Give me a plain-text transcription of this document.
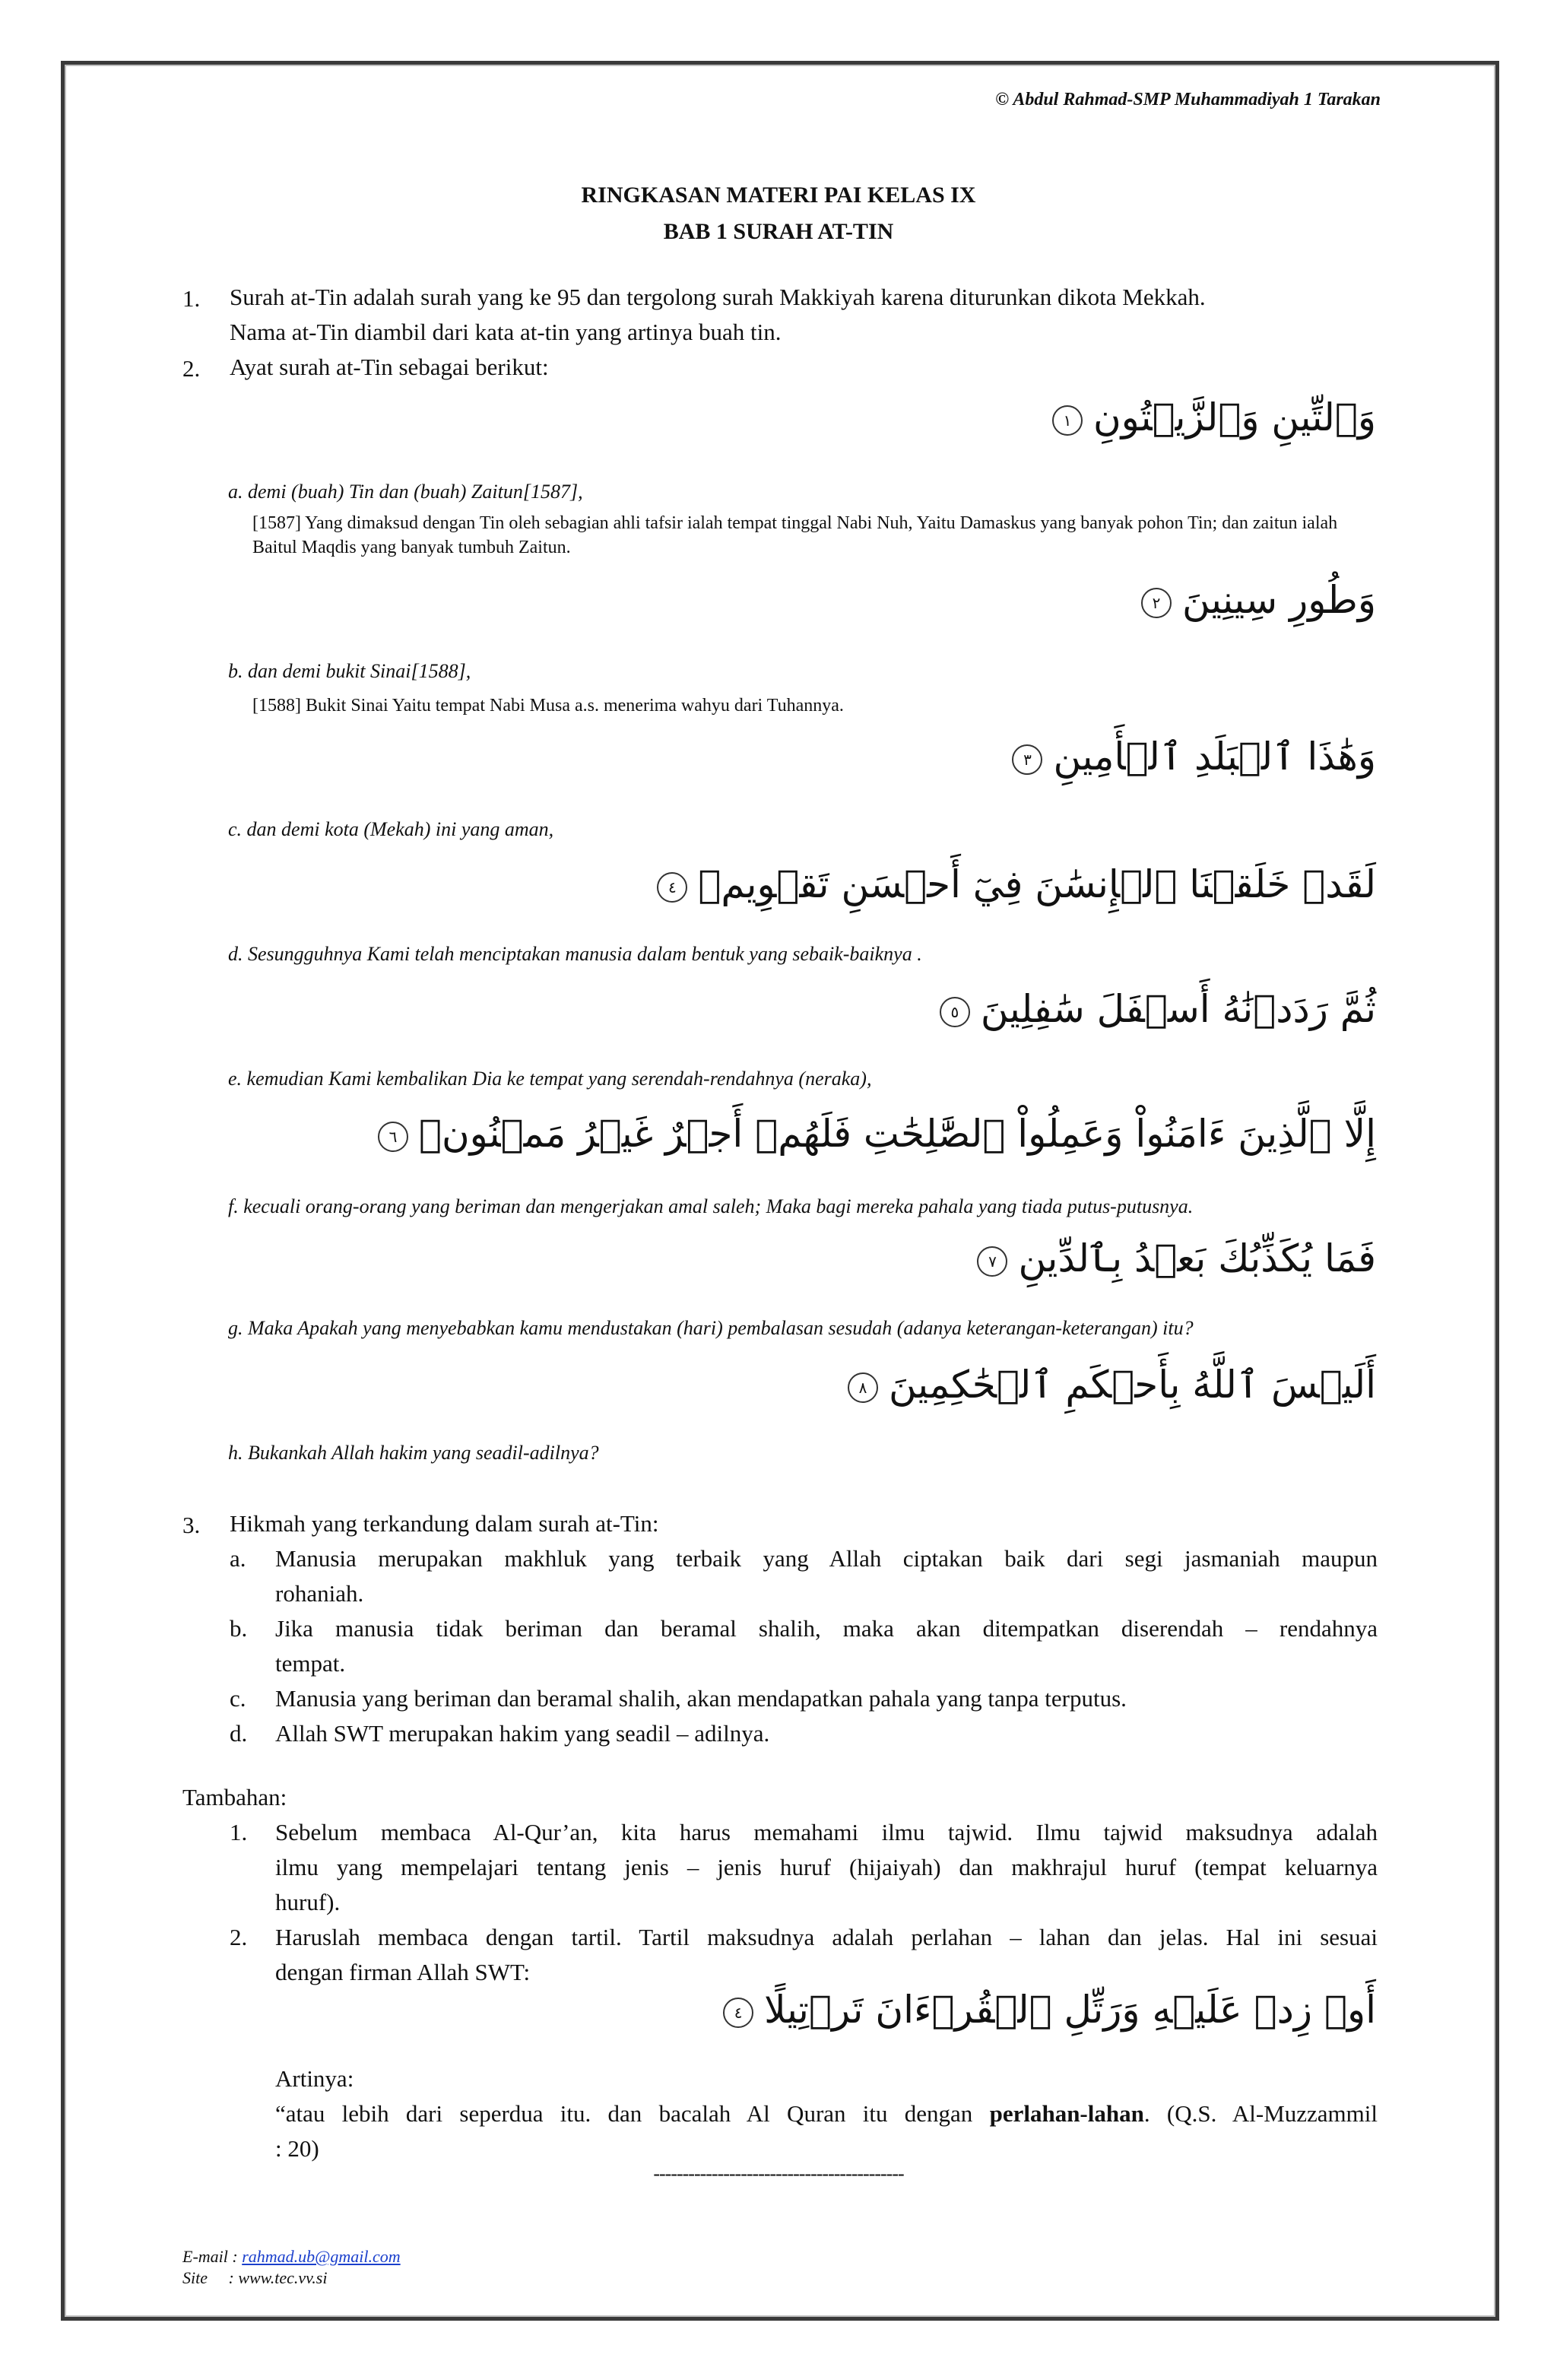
© Abdul Rahmad-SMP Muhammadiyah 1 Tarakan
RINGKASAN MATERI PAI KELAS IX
BAB 1 SURAH AT-TIN
1. Surah at-Tin adalah surah yang ke 95 dan tergolong surah Makkiyah karena diturunkan dikota Mekkah.
Nama at-Tin diambil dari kata at-tin yang artinya buah tin.
2. Ayat surah at-Tin sebagai berikut:
وَٱلتِّينِ وَٱلزَّيۡتُونِ١
a. demi (buah) Tin dan (buah) Zaitun[1587],
[1587] Yang dimaksud dengan Tin oleh sebagian ahli tafsir ialah tempat tinggal Nabi Nuh, Yaitu Damaskus yang banyak pohon Tin; dan zaitun ialah Baitul Maqdis yang banyak tumbuh Zaitun.
وَطُورِ سِينِينَ٢
b. dan demi bukit Sinai[1588],
[1588] Bukit Sinai Yaitu tempat Nabi Musa a.s. menerima wahyu dari Tuhannya.
وَهَٰذَا ٱلۡبَلَدِ ٱلۡأَمِينِ٣
c. dan demi kota (Mekah) ini yang aman,
لَقَدۡ خَلَقۡنَا ٱلۡإِنسَٰنَ فِيٓ أَحۡسَنِ تَقۡوِيمٖ٤
d. Sesungguhnya Kami telah menciptakan manusia dalam bentuk yang sebaik-baiknya .
ثُمَّ رَدَدۡنَٰهُ أَسۡفَلَ سَٰفِلِينَ٥
e. kemudian Kami kembalikan Dia ke tempat yang serendah-rendahnya (neraka),
إِلَّا ٱلَّذِينَ ءَامَنُواْ وَعَمِلُواْ ٱلصَّٰلِحَٰتِ فَلَهُمۡ أَجۡرٌ غَيۡرُ مَمۡنُونٖ٦
f. kecuali orang-orang yang beriman dan mengerjakan amal saleh; Maka bagi mereka pahala yang tiada putus-putusnya.
فَمَا يُكَذِّبُكَ بَعۡدُ بِٱلدِّينِ٧
g. Maka Apakah yang menyebabkan kamu mendustakan (hari) pembalasan sesudah (adanya keterangan-keterangan) itu?
أَلَيۡسَ ٱللَّهُ بِأَحۡكَمِ ٱلۡحَٰكِمِينَ٨
h. Bukankah Allah hakim yang seadil-adilnya?
3. Hikmah yang terkandung dalam surah at-Tin:
a. Manusia merupakan makhluk yang terbaik yang Allah ciptakan baik dari segi jasmaniah maupun
rohaniah.
b. Jika manusia tidak beriman dan beramal shalih, maka akan ditempatkan diserendah – rendahnya
tempat.
c. Manusia yang beriman dan beramal shalih, akan mendapatkan pahala yang tanpa terputus.
d. Allah SWT merupakan hakim yang seadil – adilnya.
Tambahan:
1. Sebelum membaca Al-Qur’an, kita harus memahami ilmu tajwid. Ilmu tajwid maksudnya adalah
ilmu yang mempelajari tentang jenis – jenis huruf (hijaiyah) dan makhrajul huruf (tempat keluarnya
huruf).
2. Haruslah membaca dengan tartil. Tartil maksudnya adalah perlahan – lahan dan jelas. Hal ini sesuai
dengan firman Allah SWT:
أَوۡ زِدۡ عَلَيۡهِ وَرَتِّلِ ٱلۡقُرۡءَانَ تَرۡتِيلًا٤
Artinya:
“atau lebih dari seperdua itu. dan bacalah Al Quran itu dengan perlahan-lahan. (Q.S. Al-Muzzammil
: 20)
-------------------------------------------
E-mail : rahmad.ub@gmail.com
Site     : www.tec.vv.si
